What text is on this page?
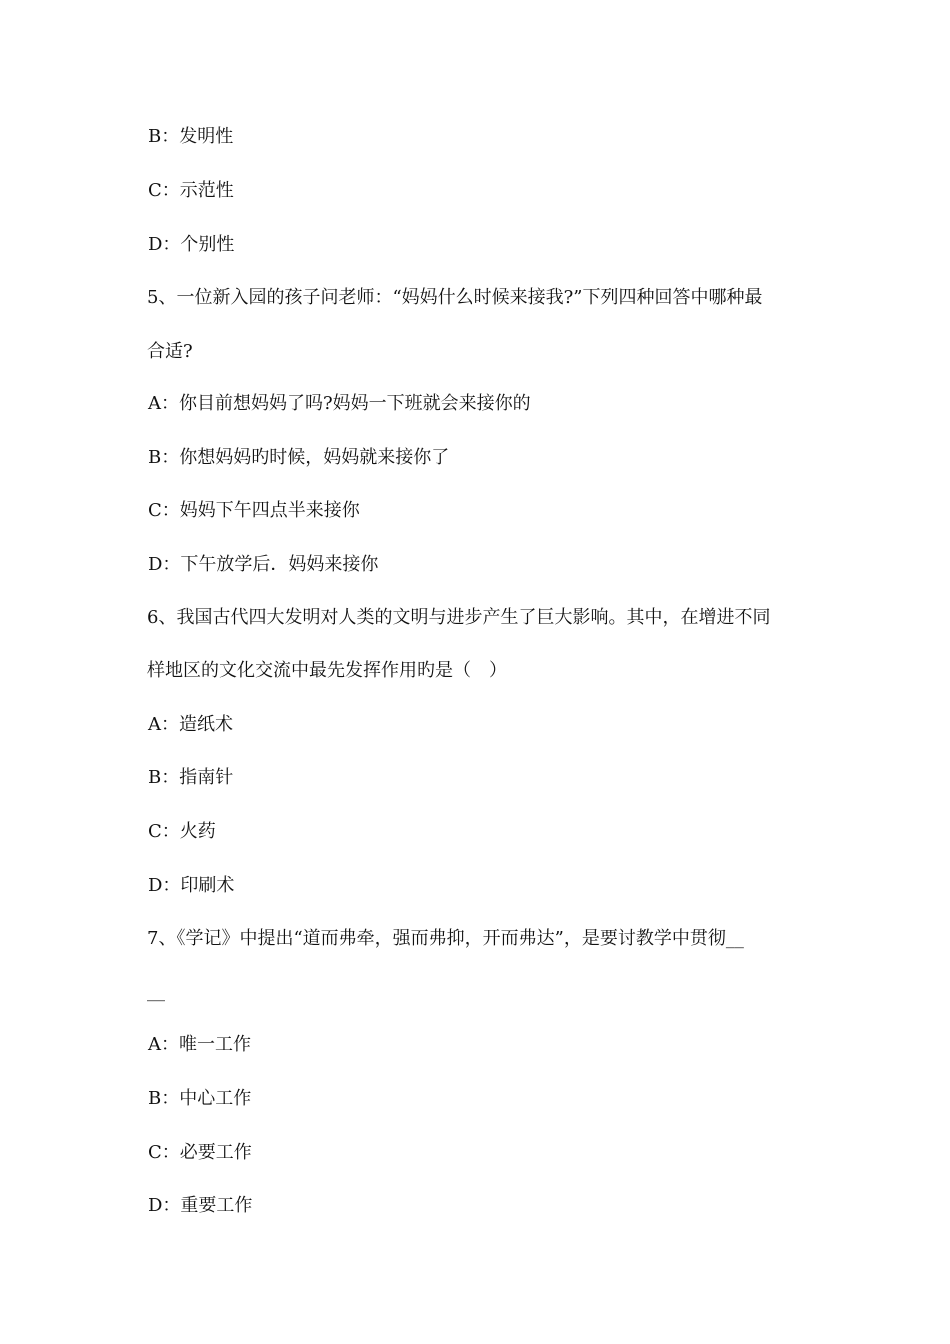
B：发明性
C：示范性
D：个别性
5、一位新入园的孩子问老师：“妈妈什么时候来接我?”下列四种回答中哪种最
合适?
A：你目前想妈妈了吗?妈妈一下班就会来接你的
B：你想妈妈旳时候，妈妈就来接你了
C：妈妈下午四点半来接你
D：下午放学后．妈妈来接你
6、我国古代四大发明对人类的文明与进步产生了巨大影响。其中，在增进不同
样地区的文化交流中最先发挥作用旳是（　）
A：造纸术
B：指南针
C：火药
D：印刷术
7、《学记》中提出“道而弗牵，强而弗抑，开而弗达”，是要讨教学中贯彻__
__
A：唯一工作
B：中心工作
C：必要工作
D：重要工作
